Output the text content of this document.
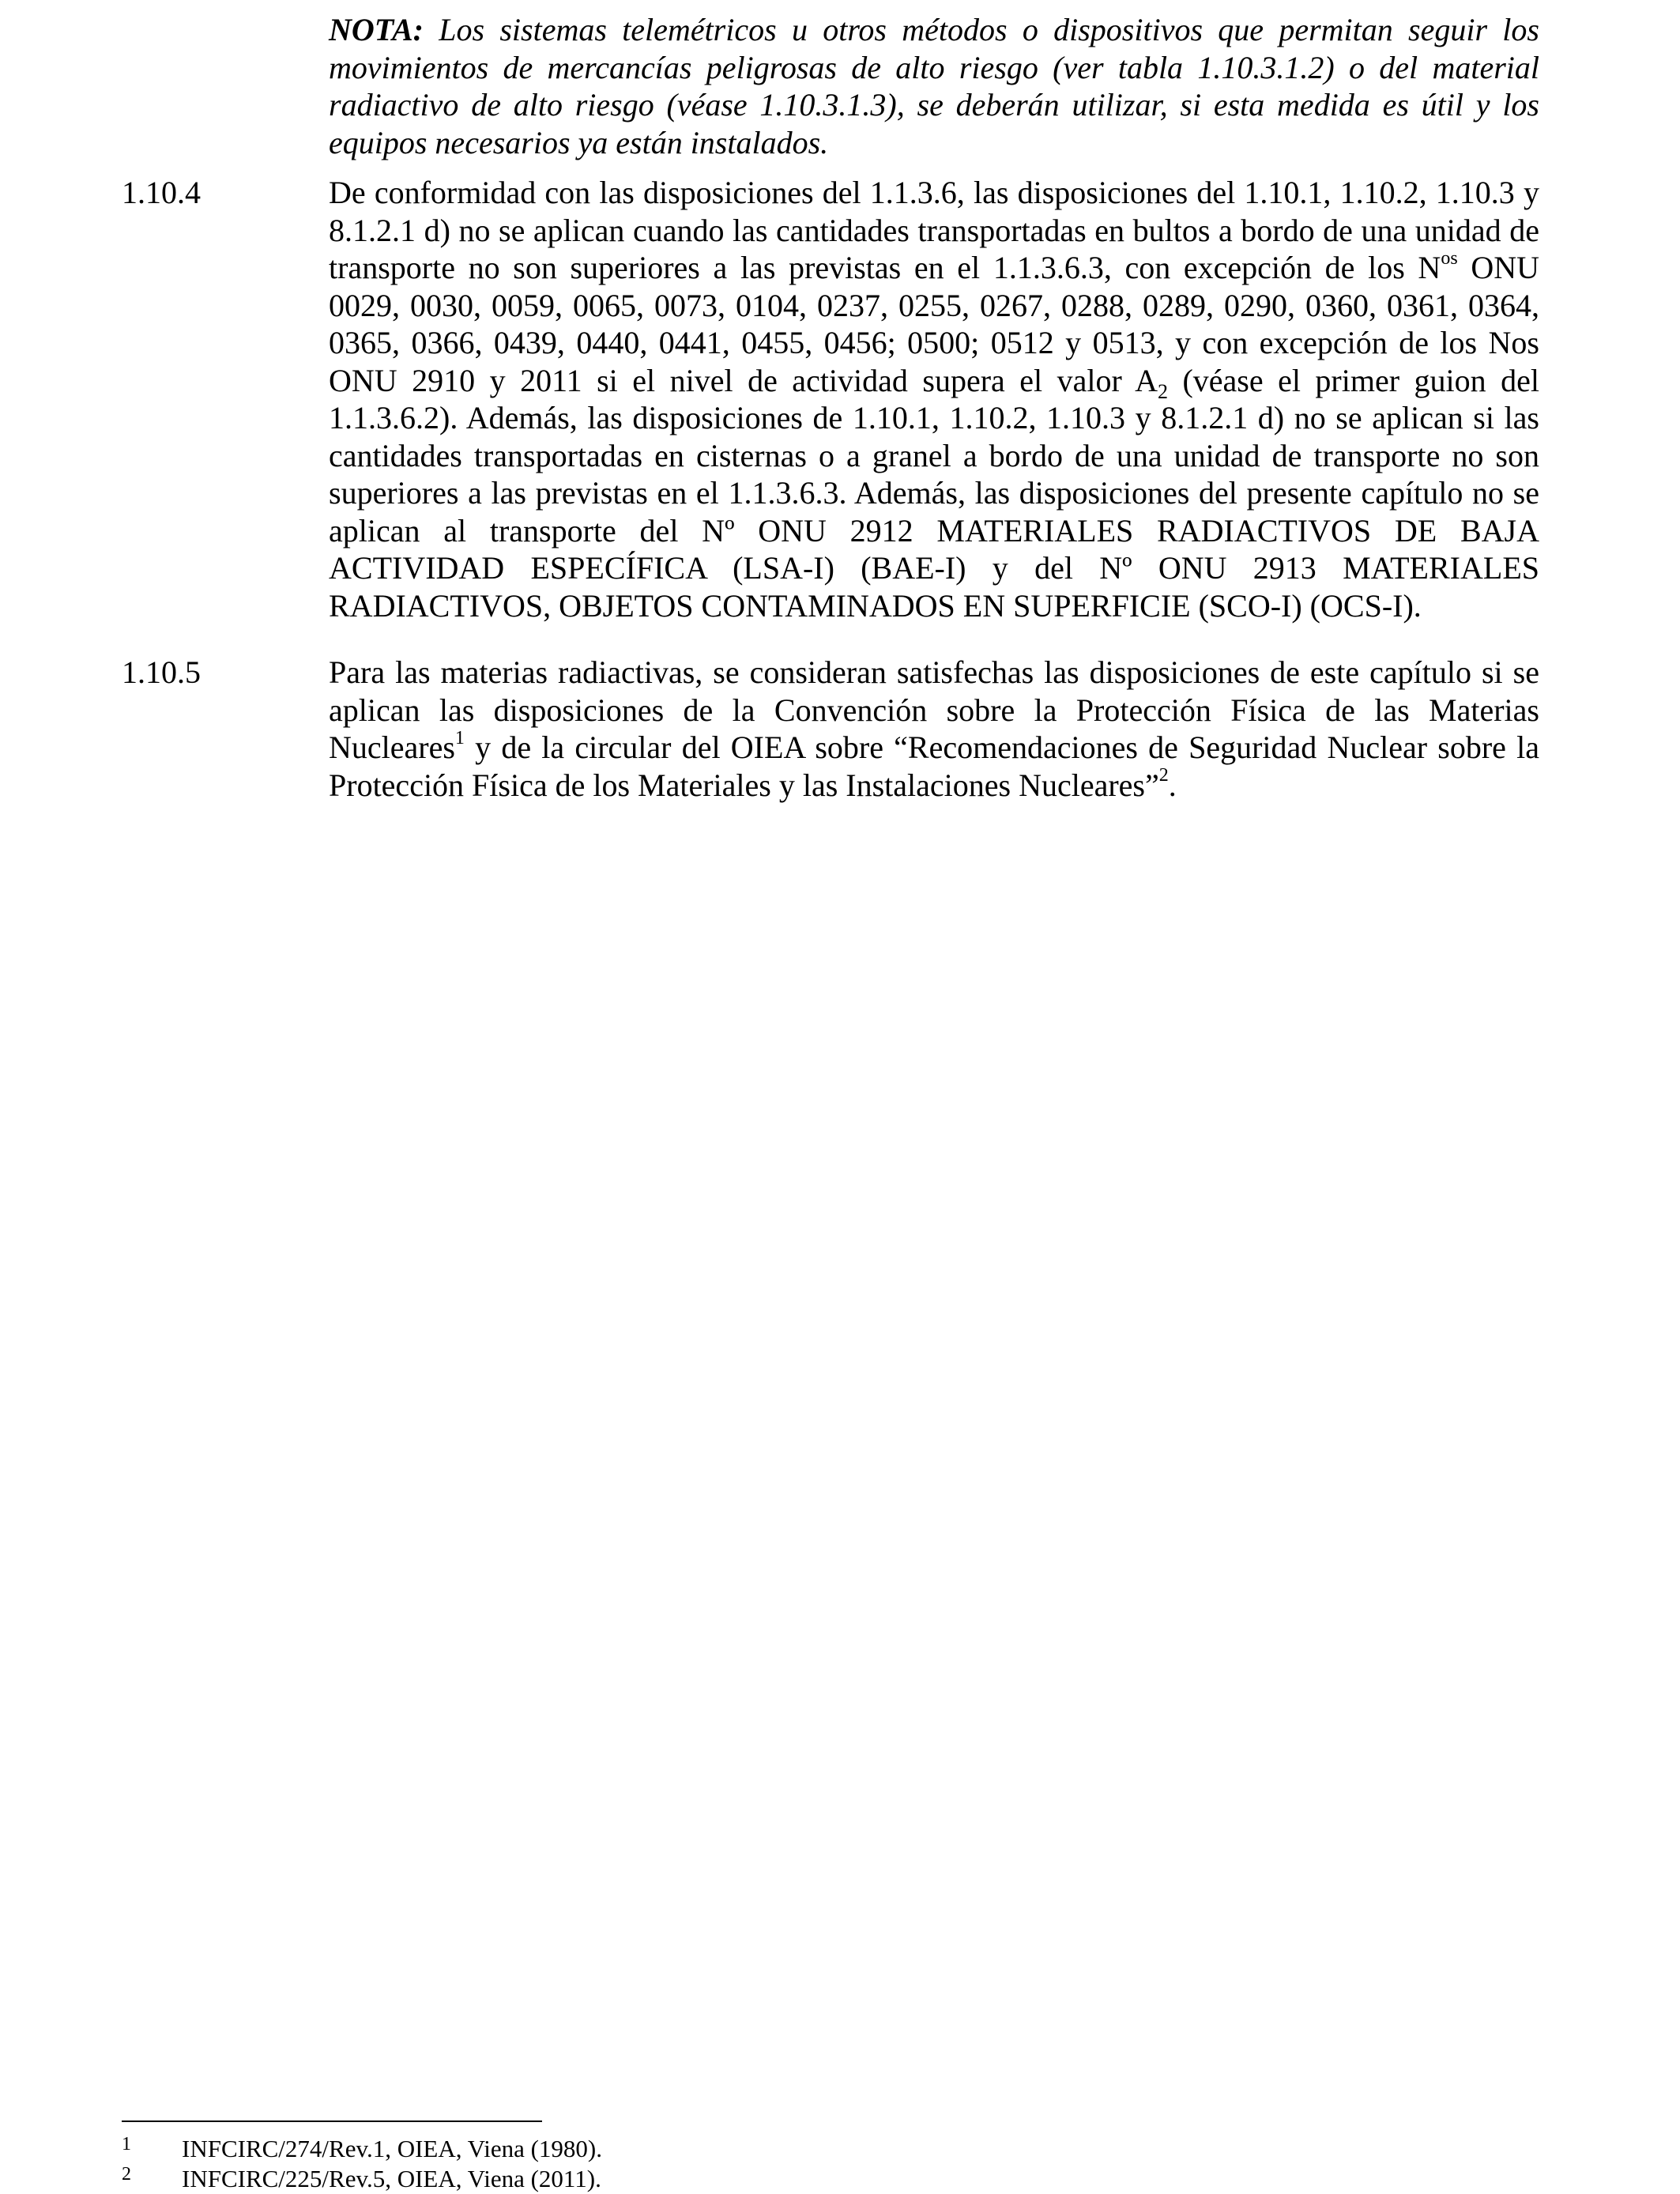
NOTA: Los sistemas telemétricos u otros métodos o dispositivos que permitan seguir los movimientos de mercancías peligrosas de alto riesgo (ver tabla 1.10.3.1.2) o del material radiactivo de alto riesgo (véase 1.10.3.1.3), se deberán utilizar, si esta medida es útil y los equipos necesarios ya están instalados.

1.10.4	De conformidad con las disposiciones del 1.1.3.6, las disposiciones del 1.10.1, 1.10.2, 1.10.3 y 8.1.2.1 d) no se aplican cuando las cantidades transportadas en bultos a bordo de una unidad de transporte no son superiores a las previstas en el 1.1.3.6.3, con excepción de los N$^{os}$ ONU 0029, 0030, 0059, 0065, 0073, 0104, 0237, 0255, 0267, 0288, 0289, 0290, 0360, 0361, 0364, 0365, 0366, 0439, 0440, 0441, 0455, 0456; 0500; 0512 y 0513, y con excepción de los Nos ONU 2910 y 2011 si el nivel de actividad supera el valor $A_2$ (véase el primer guion del 1.1.3.6.2). Además, las disposiciones de 1.10.1, 1.10.2, 1.10.3 y 8.1.2.1 d) no se aplican si las cantidades transportadas en cisternas o a granel a bordo de una unidad de transporte no son superiores a las previstas en el 1.1.3.6.3. Además, las disposiciones del presente capítulo no se aplican al transporte del Nº ONU 2912 MATERIALES RADIACTIVOS DE BAJA ACTIVIDAD ESPECÍFICA (LSA-I) (BAE-I) y del Nº ONU 2913 MATERIALES RADIACTIVOS, OBJETOS CONTAMINADOS EN SUPERFICIE (SCO-I) (OCS-I).

1.10.5	Para las materias radiactivas, se consideran satisfechas las disposiciones de este capítulo si se aplican las disposiciones de la Convención sobre la Protección Física de las Materias Nucleares$^1$ y de la circular del OIEA sobre “Recomendaciones de Seguridad Nuclear sobre la Protección Física de los Materiales y las Instalaciones Nucleares”$^2$.

1 INFCIRC/274/Rev.1, OIEA, Viena (1980).
2 INFCIRC/225/Rev.5, OIEA, Viena (2011).
